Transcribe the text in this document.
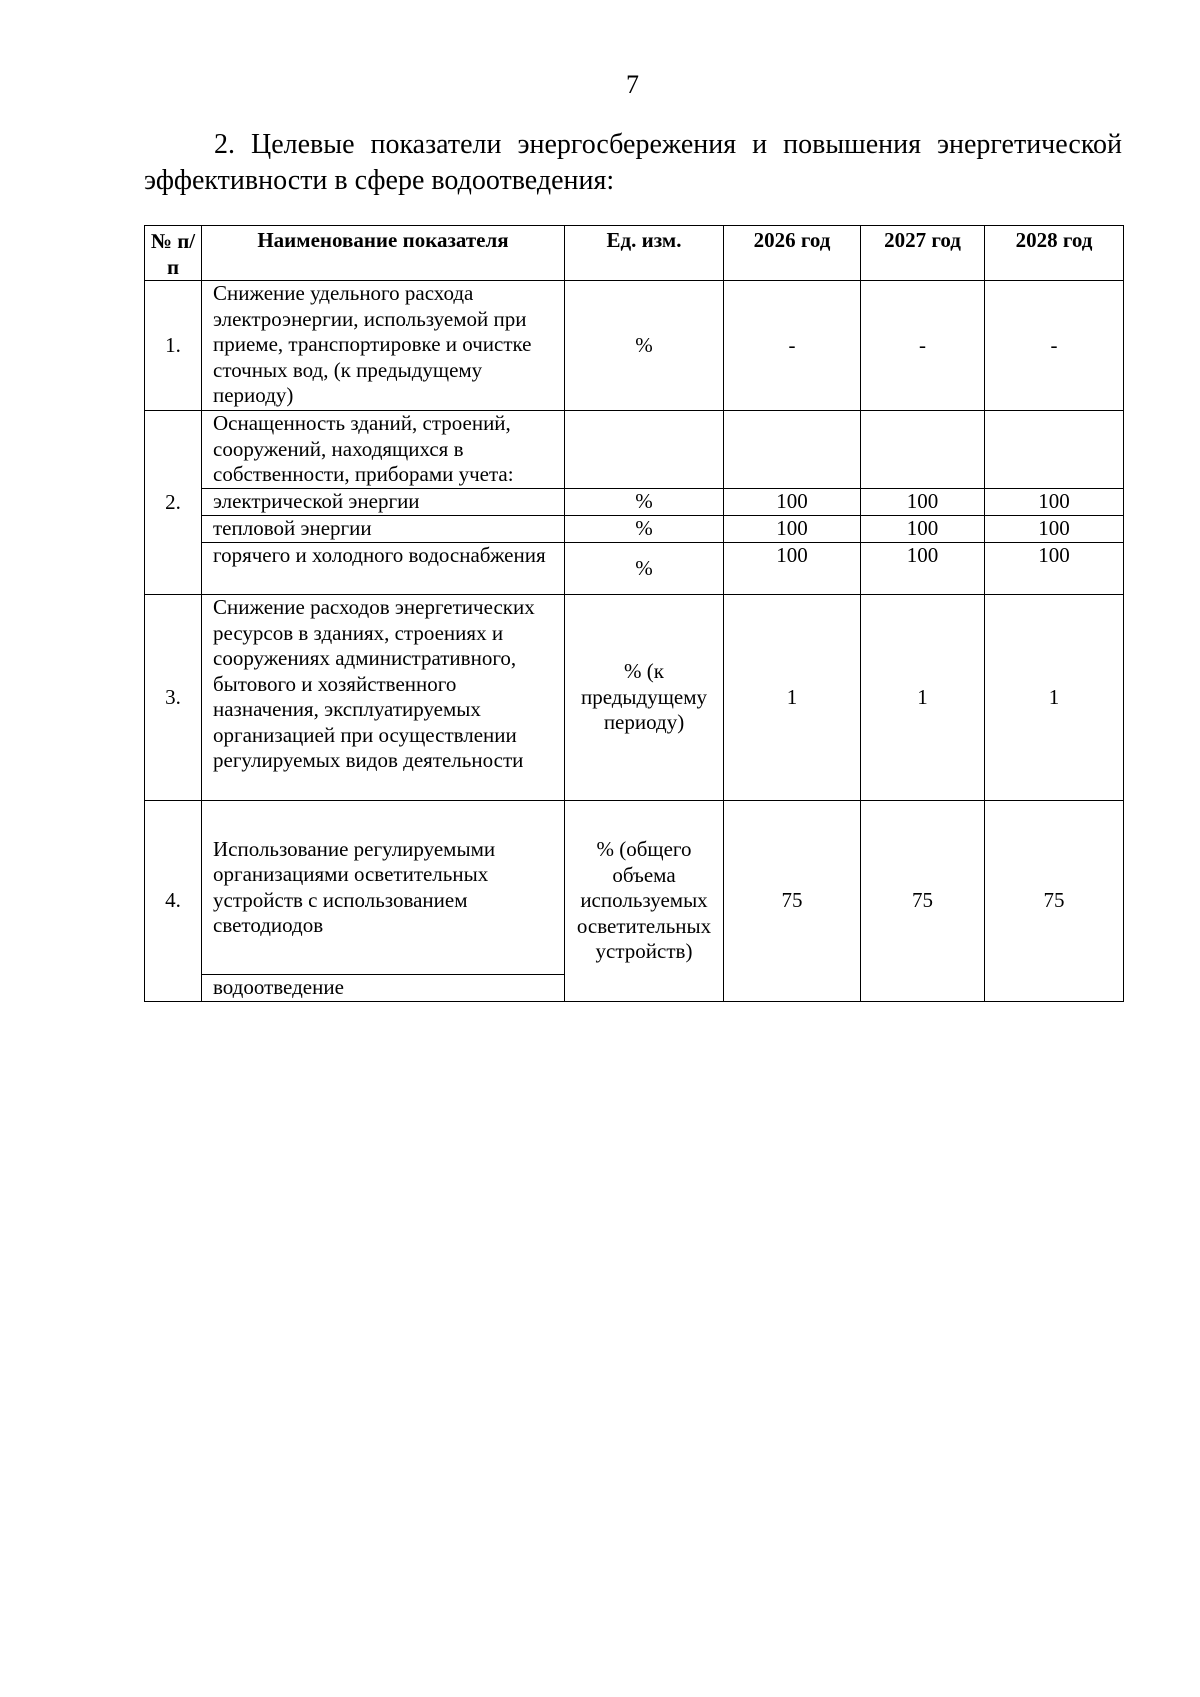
7

2. Целевые показатели энергосбережения и повышения энергетической эффективности в сфере водоотведения:

№ п/п	Наименование показателя	Ед. изм.	2026 год	2027 год	2028 год
1.	Снижение удельного расхода электроэнергии, используемой при приеме, транспортировке и очистке сточных вод, (к предыдущему периоду)	%	-	-	-
2.	Оснащенность зданий, строений, сооружений, находящихся в собственности, приборами учета:				
	электрической энергии	%	100	100	100
	тепловой энергии	%	100	100	100
	горячего и холодного водоснабжения	%	100	100	100
3.	Снижение расходов энергетических ресурсов в зданиях, строениях и сооружениях административного, бытового и хозяйственного назначения, эксплуатируемых организацией при осуществлении регулируемых видов деятельности	% (к предыдущему периоду)	1	1	1
4.	Использование регулируемыми организациями осветительных устройств с использованием светодиодов	% (общего объема используемых осветительных устройств)	75	75	75
	водоотведение				
